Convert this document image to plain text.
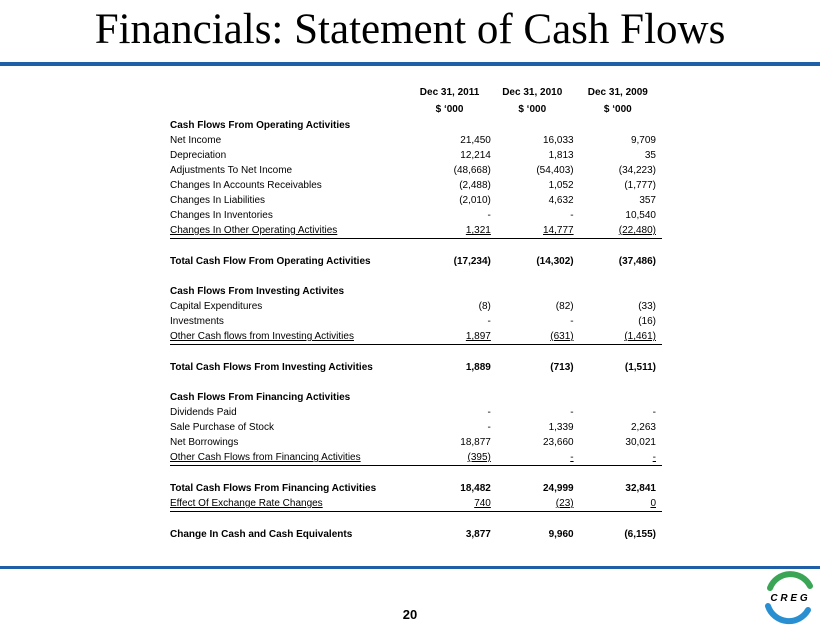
Financials: Statement of Cash Flows
	Dec 31, 2011	Dec 31, 2010	Dec 31, 2009
	$ ‘000	$ ‘000	$ ‘000
Cash Flows From Operating Activities			
Net Income	21,450	16,033	9,709
Depreciation	12,214	1,813	35
Adjustments To Net Income	(48,668)	(54,403)	(34,223)
Changes In Accounts Receivables	(2,488)	1,052	(1,777)
Changes In Liabilities	(2,010)	4,632	357
Changes In Inventories	-	-	10,540
Changes In Other Operating Activities	1,321	14,777	(22,480)

Total Cash Flow From Operating Activities	(17,234)	(14,302)	(37,486)

Cash Flows From Investing Activites			
Capital Expenditures	(8)	(82)	(33)
Investments	-	-	(16)
Other Cash flows from Investing Activities	1,897	(631)	(1,461)

Total Cash Flows From Investing Activities	1,889	(713)	(1,511)

Cash Flows From Financing Activities			
Dividends Paid	-	-	-
Sale Purchase of Stock	-	1,339	2,263
Net Borrowings	18,877	23,660	30,021
Other Cash Flows from Financing Activities	(395)	-	-

Total Cash Flows From Financing Activities	18,482	24,999	32,841
Effect Of Exchange Rate Changes	740	(23)	0

Change In Cash and Cash Equivalents	3,877	9,960	(6,155)
20
C R E G
